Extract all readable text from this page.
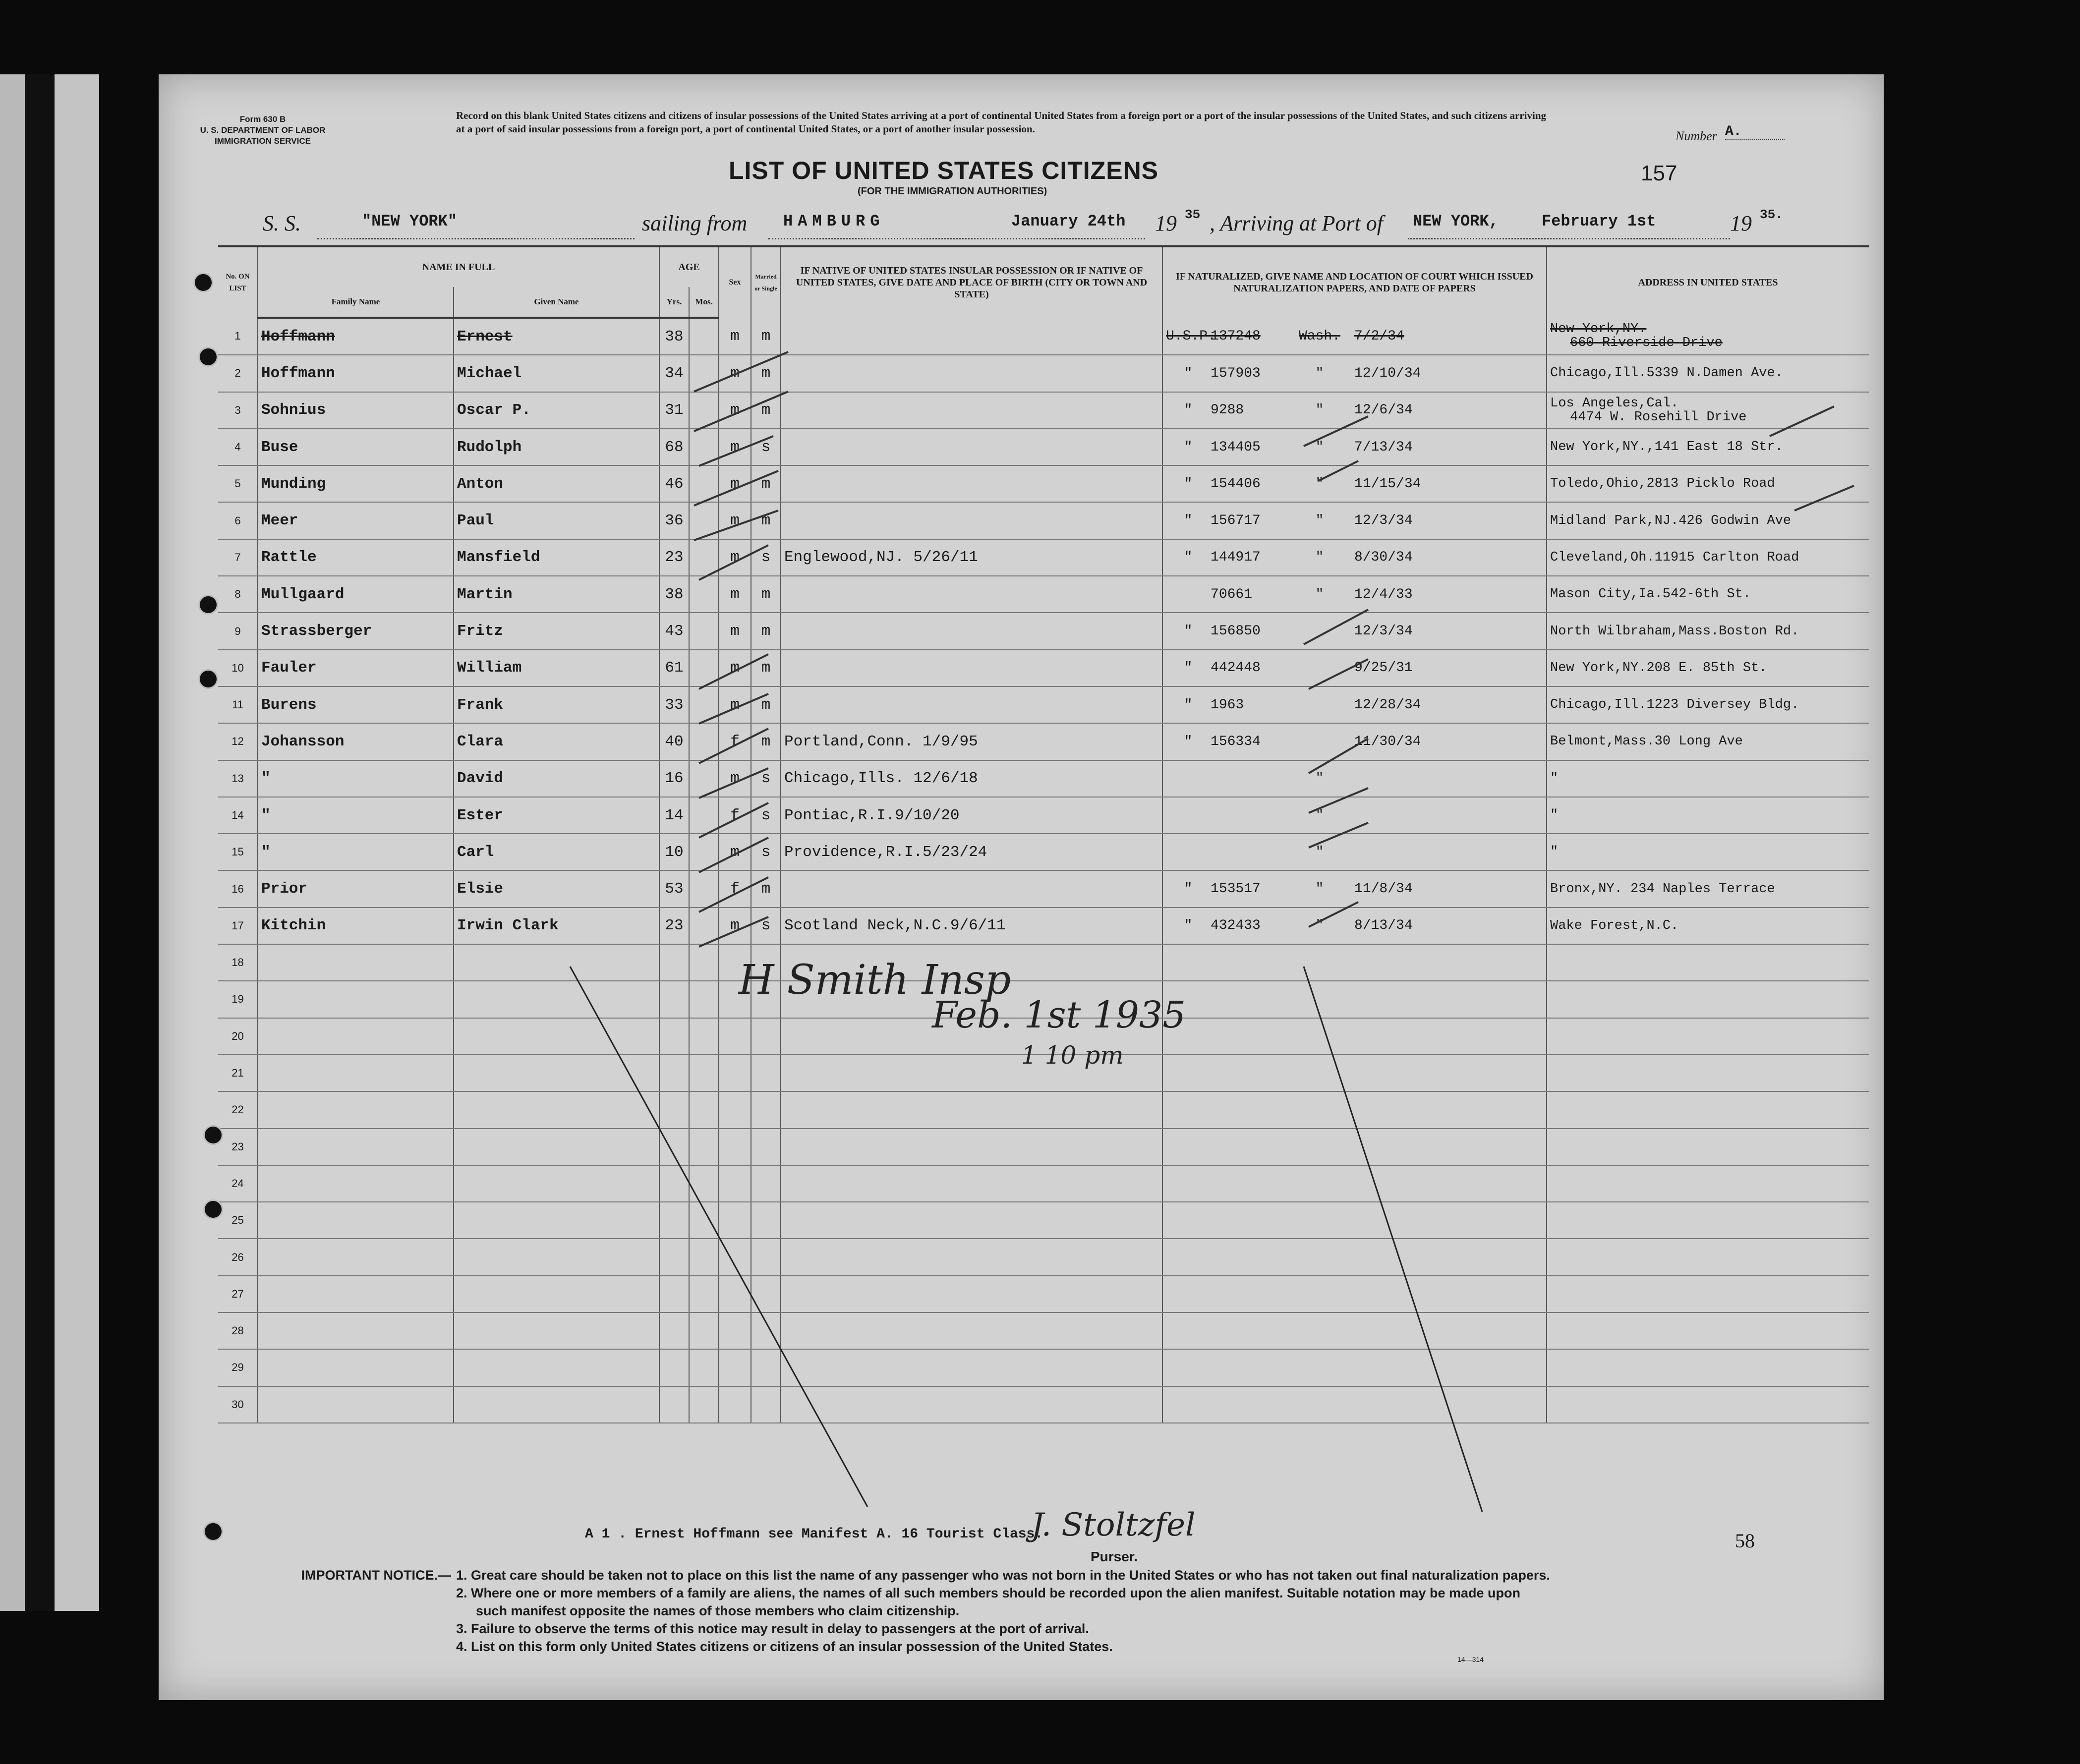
Form 630 B
U. S. DEPARTMENT OF LABOR
IMMIGRATION SERVICE
Record on this blank United States citizens and citizens of insular possessions of the United States arriving at a port of continental United States from a foreign port or a port of the insular possessions of the United States, and such citizens arriving at a port of said insular possessions from a foreign port, a port of continental United States, or a port of another insular possession.	Number A.
157
LIST OF UNITED STATES CITIZENS
(FOR THE IMMIGRATION AUTHORITIES)
S. S.	"NEW YORK"	sailing from HAMBURG	January 24th 19 35 , Arriving at Port of NEW YORK,	February 1st	19 35.
No. ON LIST	NAME IN FULL		AGE		Sex	Married or Single	IF NATIVE OF UNITED STATES INSULAR POSSESSION OR IF NATIVE OF UNITED STATES, GIVE DATE AND PLACE OF BIRTH (CITY OR TOWN AND STATE)	IF NATURALIZED, GIVE NAME AND LOCATION OF COURT WHICH ISSUED NATURALIZATION PAPERS, AND DATE OF PAPERS	ADDRESS IN UNITED STATES
	Family Name	Given Name	Yrs.	Mos.					
1	Hoffmann	Ernest	38		m	m		U.S.P.137248 Wash. 7/2/34	New York,NY.
660 Riverside Drive
2	Hoffmann	Michael	34		m	m		" 157903 " 12/10/34	Chicago,Ill.5339 N.Damen Ave.
3	Sohnius	Oscar P.	31		m	m		" 9288 " 12/6/34	Los Angeles,Cal.
4474 W. Rosehill Drive
4	Buse	Rudolph	68		m	s		" 134405 " 7/13/34	New York,NY.,141 East 18 Str.
5	Munding	Anton	46		m	m		" 154406 " 11/15/34	Toledo,Ohio,2813 Picklo Road
6	Meer	Paul	36		m	m		" 156717 " 12/3/34	Midland Park,NJ.426 Godwin Ave
7	Rattle	Mansfield	23		m	s	Englewood,NJ. 5/26/11	" 144917 " 8/30/34	Cleveland,Oh.11915 Carlton Road
8	Mullgaard	Martin	38		m	m		70661 " 12/4/33	Mason City,Ia.542-6th St.
9	Strassberger	Fritz	43		m	m		" 156850 12/3/34	North Wilbraham,Mass.Boston Rd.
10	Fauler	William	61		m	m		" 442448 9/25/31	New York,NY.208 E. 85th St.
11	Burens	Frank	33		m	m		" 1963 12/28/34	Chicago,Ill.1223 Diversey Bldg.
12	Johansson	Clara	40		f	m	Portland,Conn. 1/9/95	" 156334 11/30/34	Belmont,Mass.30 Long Ave
13	"	David	16		m	s	Chicago,Ills. 12/6/18	"	"
14	"	Ester	14		f	s	Pontiac,R.I.9/10/20	"	"
15	"	Carl	10		m	s	Providence,R.I.5/23/24	"	"
16	Prior	Elsie	53		f	m		" 153517 " 11/8/34	Bronx,NY. 234 Naples Terrace
17	Kitchin	Irwin Clark	23		m	s	Scotland Neck,N.C.9/6/11	" 432433 " 8/13/34	Wake Forest,N.C.
18									
19									
20									
21									
22									
23									
24									
25									
26									
27									
28									
29									
30									
A 1 . Ernest Hoffmann see Manifest A. 16 Tourist Class.
Purser.
58
IMPORTANT NOTICE.— 1. Great care should be taken not to place on this list the name of any passenger who was not born in the United States or who has not taken out final naturalization papers.
2. Where one or more members of a family are aliens, the names of all such members should be recorded upon the alien manifest. Suitable notation may be made upon
such manifest opposite the names of those members who claim citizenship.
3. Failure to observe the terms of this notice may result in delay to passengers at the port of arrival.
4. List on this form only United States citizens or citizens of an insular possession of the United States.
14—314
H Smith Insp
Feb. 1st 1935
1 10 pm
J. Stoltzfel
